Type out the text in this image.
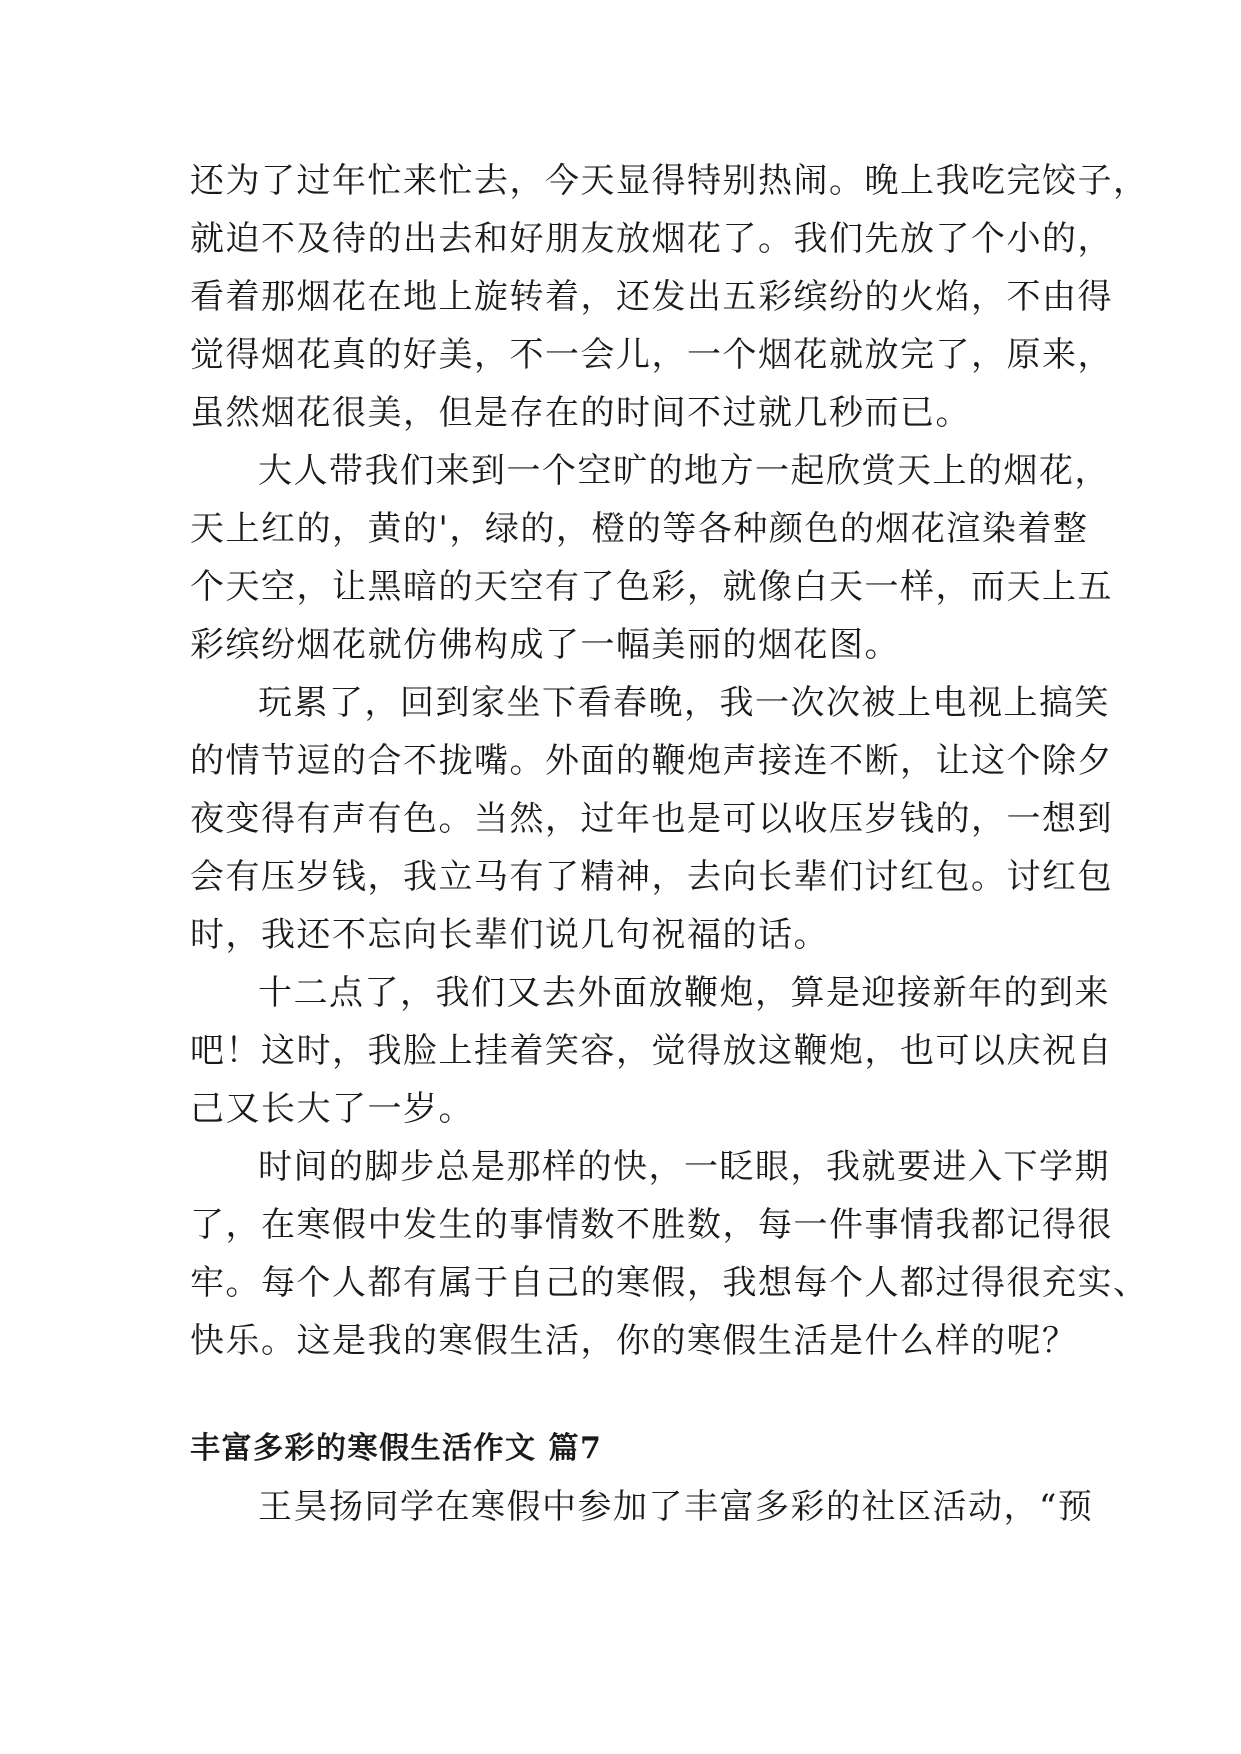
还为了过年忙来忙去，今天显得特别热闹。晚上我吃完饺子，
就迫不及待的出去和好朋友放烟花了。我们先放了个小的，
看着那烟花在地上旋转着，还发出五彩缤纷的火焰，不由得
觉得烟花真的好美，不一会儿，一个烟花就放完了，原来，
虽然烟花很美，但是存在的时间不过就几秒而已。

大人带我们来到一个空旷的地方一起欣赏天上的烟花，
天上红的，黄的'，绿的，橙的等各种颜色的烟花渲染着整
个天空，让黑暗的天空有了色彩，就像白天一样，而天上五
彩缤纷烟花就仿佛构成了一幅美丽的烟花图。

玩累了，回到家坐下看春晚，我一次次被上电视上搞笑
的情节逗的合不拢嘴。外面的鞭炮声接连不断，让这个除夕
夜变得有声有色。当然，过年也是可以收压岁钱的，一想到
会有压岁钱，我立马有了精神，去向长辈们讨红包。讨红包
时，我还不忘向长辈们说几句祝福的话。

十二点了，我们又去外面放鞭炮，算是迎接新年的到来
吧！这时，我脸上挂着笑容，觉得放这鞭炮，也可以庆祝自
己又长大了一岁。

时间的脚步总是那样的快，一眨眼，我就要进入下学期
了，在寒假中发生的事情数不胜数，每一件事情我都记得很
牢。每个人都有属于自己的寒假，我想每个人都过得很充实、
快乐。这是我的寒假生活，你的寒假生活是什么样的呢？

丰富多彩的寒假生活作文 篇7

王昊扬同学在寒假中参加了丰富多彩的社区活动，“预
